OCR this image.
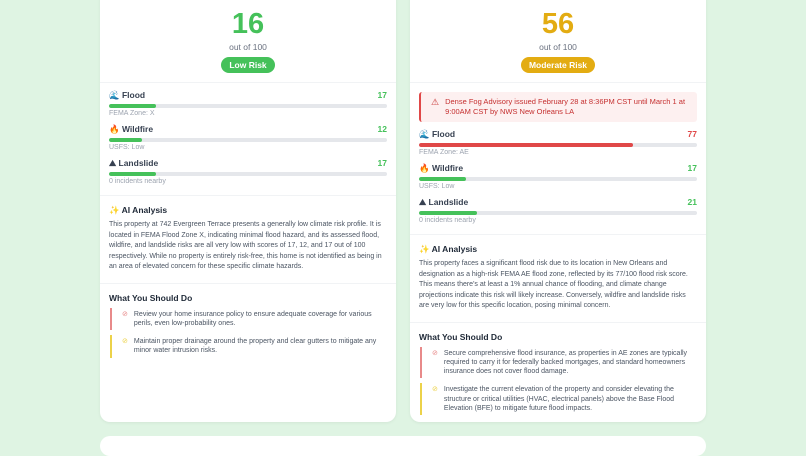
16
out of 100
Low Risk
🌊 Flood	17
FEMA Zone: X
🔥 Wildfire	12
USFS: Low
⛰ Landslide	17
0 incidents nearby
✨ AI Analysis

This property at 742 Evergreen Terrace presents a generally low climate risk profile. It is located in FEMA Flood Zone X, indicating minimal flood hazard, and its assessed flood, wildfire, and landslide risks are all very low with scores of 17, 12, and 17 out of 100 respectively. While no property is entirely risk-free, this home is not identified as being in an area of elevated concern for these specific climate hazards.

What You Should Do
⊘ Review your home insurance policy to ensure adequate coverage for various perils, even low-probability ones.
⊘ Maintain proper drainage around the property and clear gutters to mitigate any minor water intrusion risks.
56
out of 100
Moderate Risk
⚠ Dense Fog Advisory issued February 28 at 8:36PM CST until March 1 at 9:00AM CST by NWS New Orleans LA
🌊 Flood	77
FEMA Zone: AE
🔥 Wildfire	17
USFS: Low
⛰ Landslide	21
0 incidents nearby
✨ AI Analysis

This property faces a significant flood risk due to its location in New Orleans and designation as a high-risk FEMA AE flood zone, reflected by its 77/100 flood risk score. This means there's at least a 1% annual chance of flooding, and climate change projections indicate this risk will likely increase. Conversely, wildfire and landslide risks are very low for this specific location, posing minimal concern.

What You Should Do
⊘ Secure comprehensive flood insurance, as properties in AE zones are typically required to carry it for federally backed mortgages, and standard homeowners insurance does not cover flood damage.
⊘ Investigate the current elevation of the property and consider elevating the structure or critical utilities (HVAC, electrical panels) above the Base Flood Elevation (BFE) to mitigate future flood impacts.
